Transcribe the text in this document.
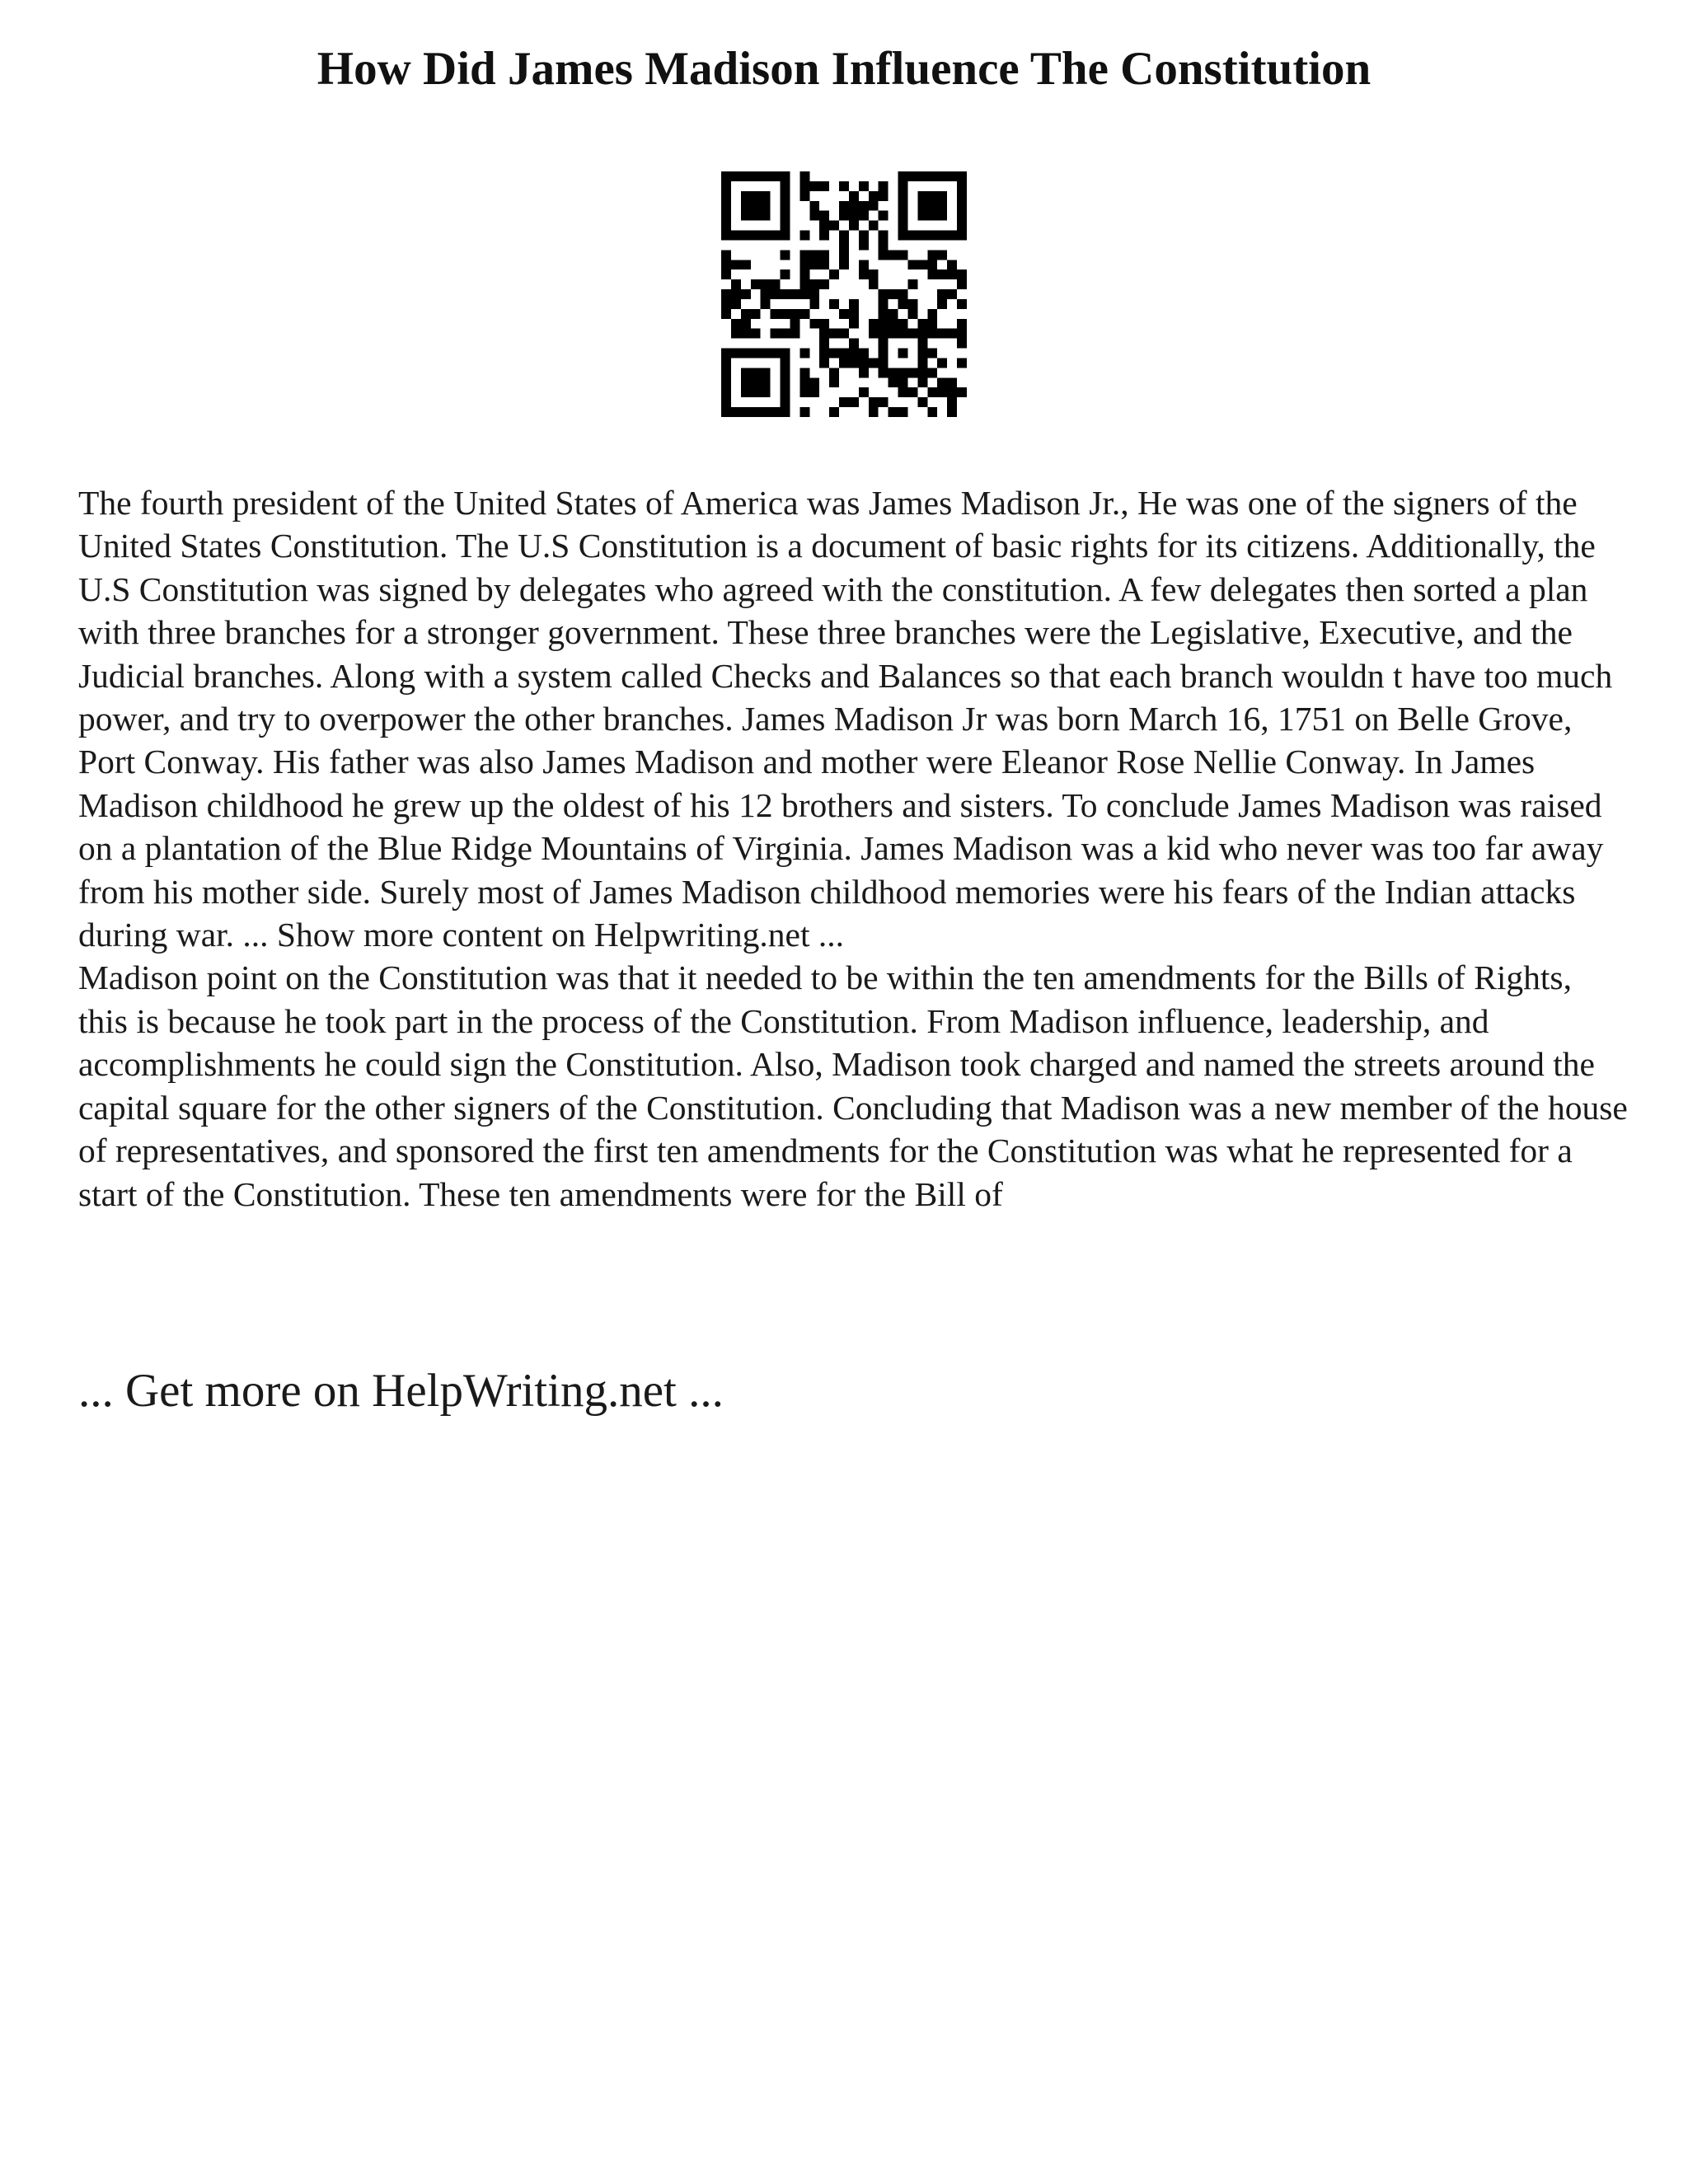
How Did James Madison Influence The Constitution

The fourth president of the United States of America was James Madison Jr., He was one of the signers of the United States Constitution. The U.S Constitution is a document of basic rights for its citizens. Additionally, the U.S Constitution was signed by delegates who agreed with the constitution. A few delegates then sorted a plan with three branches for a stronger government. These three branches were the Legislative, Executive, and the Judicial branches. Along with a system called Checks and Balances so that each branch wouldn t have too much power, and try to overpower the other branches. James Madison Jr was born March 16, 1751 on Belle Grove, Port Conway. His father was also James Madison and mother were Eleanor Rose Nellie Conway. In James Madison childhood he grew up the oldest of his 12 brothers and sisters. To conclude James Madison was raised on a plantation of the Blue Ridge Mountains of Virginia. James Madison was a kid who never was too far away from his mother side. Surely most of James Madison childhood memories were his fears of the Indian attacks during war. ... Show more content on Helpwriting.net ...

Madison point on the Constitution was that it needed to be within the ten amendments for the Bills of Rights, this is because he took part in the process of the Constitution. From Madison influence, leadership, and accomplishments he could sign the Constitution. Also, Madison took charged and named the streets around the capital square for the other signers of the Constitution. Concluding that Madison was a new member of the house of representatives, and sponsored the first ten amendments for the Constitution was what he represented for a start of the Constitution. These ten amendments were for the Bill of

... Get more on HelpWriting.net ...
